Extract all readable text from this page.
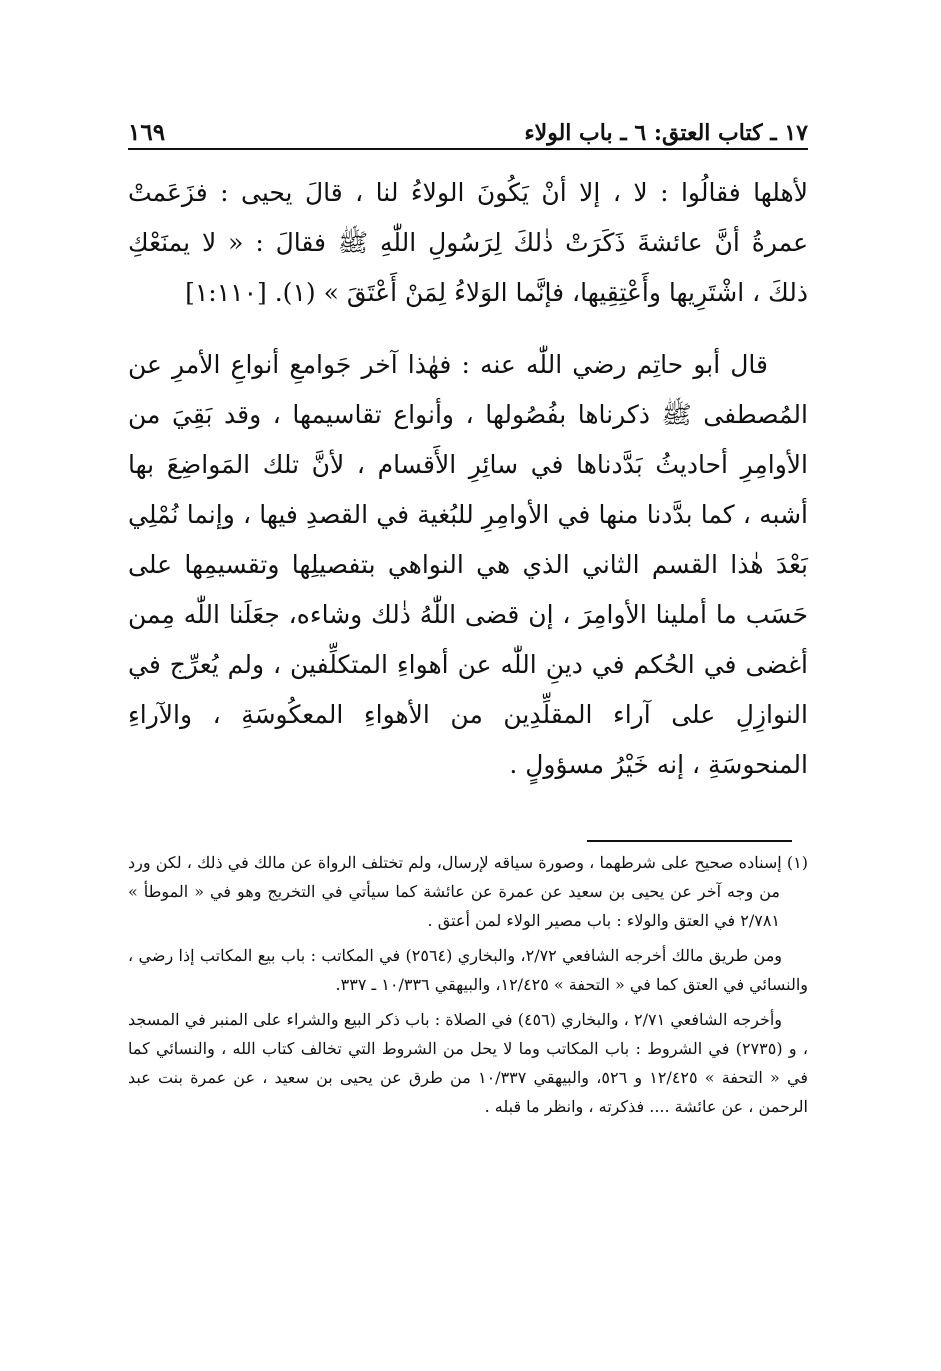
١٧ ـ كتاب العتق: ٦ ـ باب الولاء
١٦٩

لأهلها فقالُوا : لا ، إلا أنْ يَكُونَ الولاءُ لنا ، قالَ يحيى : فزَعَمتْ عمرةُ أنَّ عائشةَ ذَكَرَتْ ذٰلكَ لِرَسُولِ اللّٰهِ ﷺ فقالَ : « لا يمنَعْكِ ذلكَ ، اشْتَرِيها وأَعْتِقِيها، فإنَّما الوَلاءُ لِمَنْ أَعْتَقَ » (١). [١:١١٠]

قال أبو حاتِم رضي اللّٰه عنه : فهٰذا آخر جَوامعِ أنواعِ الأمرِ عن المُصطفى ﷺ ذكرناها بفُصُولها ، وأنواع تقاسيمها ، وقد بَقِيَ من الأوامِرِ أحاديثُ بَدَّدناها في سائِرِ الأَقسام ، لأنَّ تلك المَواضِعَ بها أشبه ، كما بدَّدنا منها في الأوامِرِ للبُغية في القصدِ فيها ، وإنما نُمْلِي بَعْدَ هٰذا القسم الثاني الذي هي النواهي بتفصيلِها وتقسيمِها على حَسَب ما أملينا الأوامِرَ ، إن قضى اللّٰهُ ذٰلك وشاءه، جعَلَنا اللّٰه مِمن أغضى في الحُكم في دينِ اللّٰه عن أهواءِ المتكلِّفين ، ولم يُعرِّج في النوازِلِ على آراء المقلِّدِين من الأهواءِ المعكُوسَةِ ، والآراءِ المنحوسَةِ ، إنه خَيْرُ مسؤولٍ .

(١) إسناده صحيح على شرطهما ، وصورة سياقه لإرسال، ولم تختلف الرواة عن مالك في ذلك ، لكن ورد من وجه آخر عن يحيى بن سعيد عن عمرة عن عائشة كما سيأتي في التخريج وهو في « الموطأ » ٢/٧٨١ في العتق والولاء : باب مصير الولاء لمن أعتق .

ومن طريق مالك أخرجه الشافعي ٢/٧٢، والبخاري (٢٥٦٤) في المكاتب : باب بيع المكاتب إذا رضي ، والنسائي في العتق كما في « التحفة » ١٢/٤٢٥، والبيهقي ١٠/٣٣٦ ـ ٣٣٧.

وأخرجه الشافعي ٢/٧١ ، والبخاري (٤٥٦) في الصلاة : باب ذكر البيع والشراء على المنبر في المسجد ، و (٢٧٣٥) في الشروط : باب المكاتب وما لا يحل من الشروط التي تخالف كتاب الله ، والنسائي كما في « التحفة » ١٢/٤٢٥ و ٥٢٦، والبيهقي ١٠/٣٣٧ من طرق عن يحيى بن سعيد ، عن عمرة بنت عبد الرحمن ، عن عائشة .... فذكرته ، وانظر ما قبله .
